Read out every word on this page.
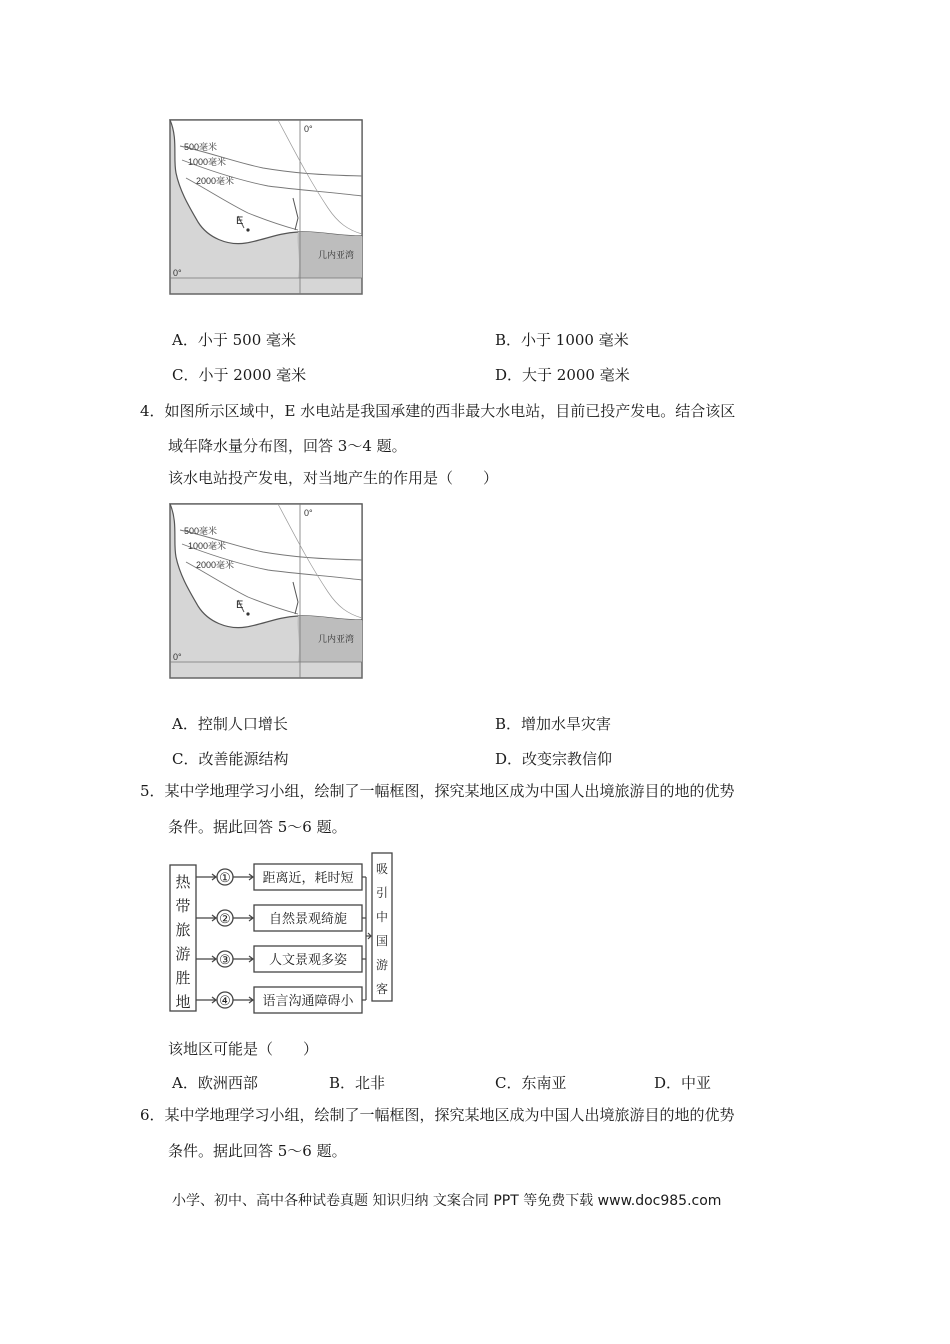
500毫米
1000毫米
2000毫米
E
几内亚湾
0°
0°
A．小于 500 毫米	B．小于 1000 毫米
C．小于 2000 毫米	D．大于 2000 毫米
4．如图所示区域中，E 水电站是我国承建的西非最大水电站，目前已投产发电。结合该区
域年降水量分布图，回答 3～4 题。
该水电站投产发电，对当地产生的作用是（　　）
500毫米
1000毫米
2000毫米
E
几内亚湾
0°
0°
A．控制人口增长	B．增加水旱灾害
C．改善能源结构	D．改变宗教信仰
5．某中学地理学习小组，绘制了一幅框图，探究某地区成为中国人出境旅游目的地的优势
条件。据此回答 5～6 题。
热
带
旅
游
胜
地
①
②
③
④
距离近，耗时短
自然景观绮旎
人文景观多姿
语言沟通障碍小
吸
引
中
国
游
客
该地区可能是（　　）
A．欧洲西部	B．北非	C．东南亚	D．中亚
6．某中学地理学习小组，绘制了一幅框图，探究某地区成为中国人出境旅游目的地的优势
条件。据此回答 5～6 题。
小学、初中、高中各种试卷真题 知识归纳 文案合同 PPT 等免费下载 www.doc985.com
